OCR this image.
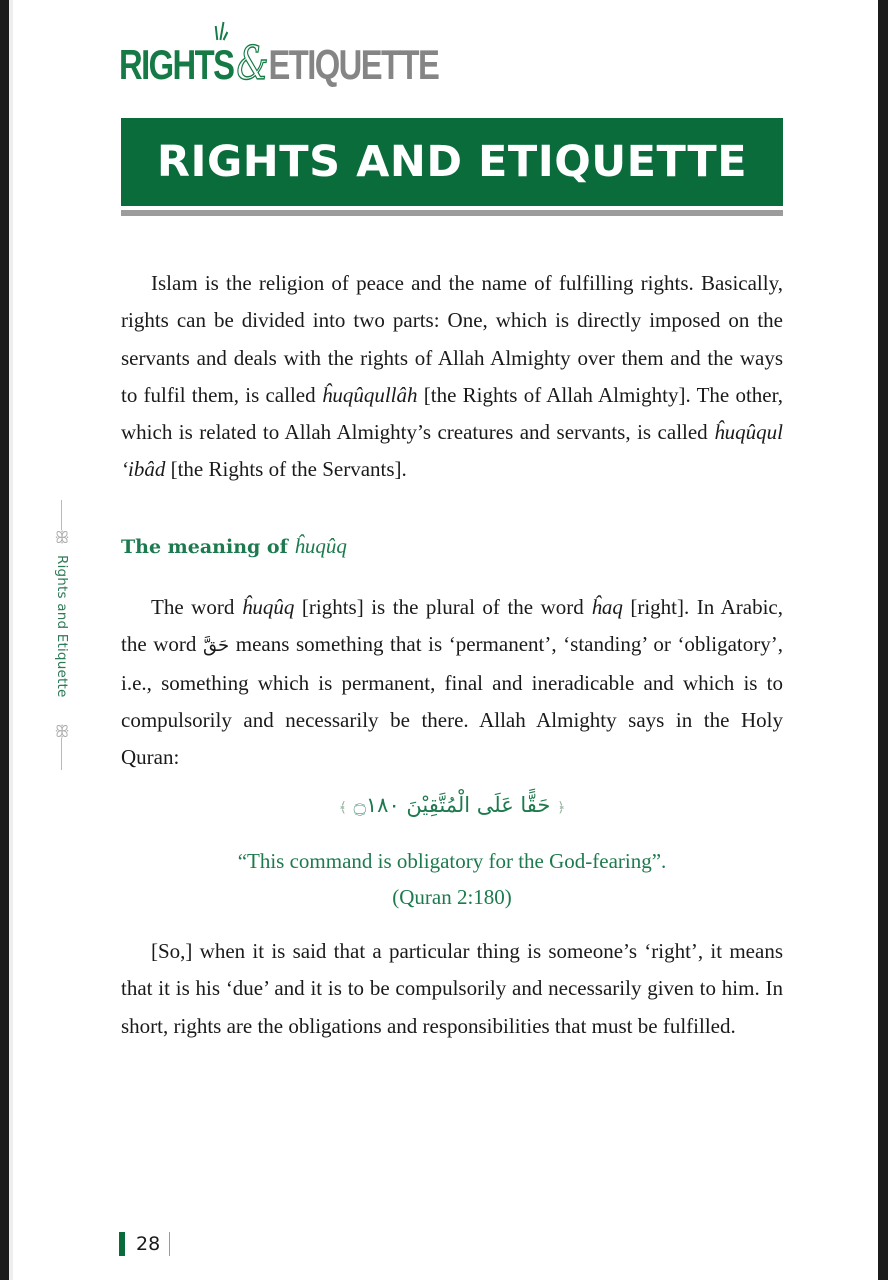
RIGHTS & ETIQUETTE
RIGHTS AND ETIQUETTE
ꕥ
Rights and Etiquette
ꕥ

Islam is the religion of peace and the name of fulfilling rights. Basically, rights can be divided into two parts: One, which is directly imposed on the servants and deals with the rights of Allah Almighty over them and the ways to fulfil them, is called ĥuqûqullâh [the Rights of Allah Almighty]. The other, which is related to Allah Almighty’s creatures and servants, is called ĥuqûqul ‘ibâd [the Rights of the Servants].

The meaning of ĥuqûq

The word ĥuqûq [rights] is the plural of the word ĥaq [right]. In Arabic, the word حَقَّ means something that is ‘permanent’, ‘standing’ or ‘obligatory’, i.e., something which is permanent, final and ineradicable and which is to compulsorily and necessarily be there. Allah Almighty says in the Holy Quran:

﴾ حَقًّا عَلَى الْمُتَّقِيْنَ ۝١٨٠ ﴿

“This command is obligatory for the God-fearing”.
(Quran 2:180)

[So,] when it is said that a particular thing is someone’s ‘right’, it means that it is his ‘due’ and it is to be compulsorily and necessarily given to him. In short, rights are the obligations and responsibilities that must be fulfilled.

28
